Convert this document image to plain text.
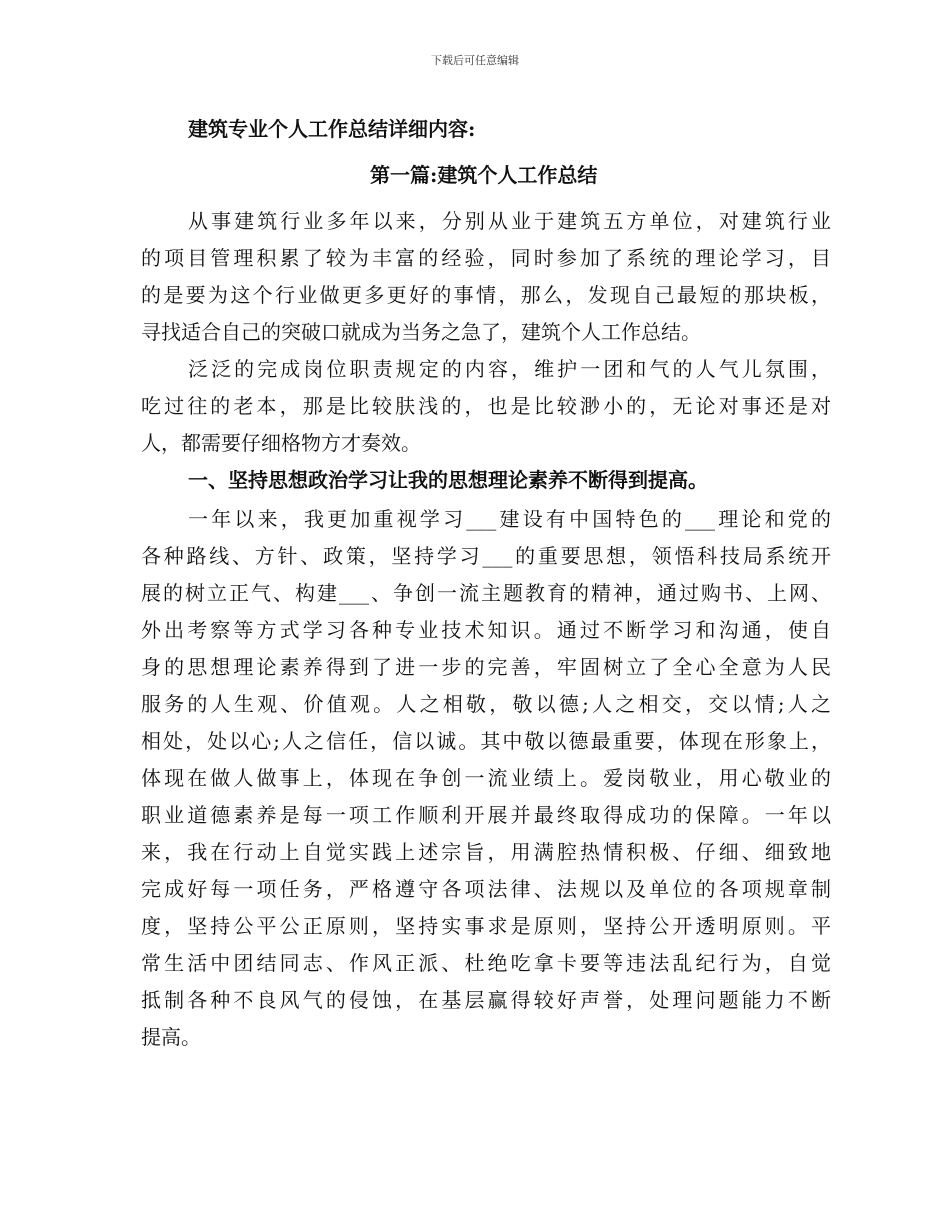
下载后可任意编辑
建筑专业个人工作总结详细内容:
第一篇:建筑个人工作总结
从事建筑行业多年以来，分别从业于建筑五方单位，对建筑行业
的项目管理积累了较为丰富的经验，同时参加了系统的理论学习，目
的是要为这个行业做更多更好的事情，那么，发现自己最短的那块板，
寻找适合自己的突破口就成为当务之急了，建筑个人工作总结。
泛泛的完成岗位职责规定的内容，维护一团和气的人气儿氛围，
吃过往的老本，那是比较肤浅的，也是比较渺小的，无论对事还是对
人，都需要仔细格物方才奏效。
一、坚持思想政治学习让我的思想理论素养不断得到提高。
一年以来，我更加重视学习___建设有中国特色的___理论和党的
各种路线、方针、政策，坚持学习___的重要思想，领悟科技局系统开
展的树立正气、构建___、争创一流主题教育的精神，通过购书、上网、
外出考察等方式学习各种专业技术知识。通过不断学习和沟通，使自
身的思想理论素养得到了进一步的完善，牢固树立了全心全意为人民
服务的人生观、价值观。人之相敬，敬以德;人之相交，交以情;人之
相处，处以心;人之信任，信以诚。其中敬以德最重要，体现在形象上，
体现在做人做事上，体现在争创一流业绩上。爱岗敬业，用心敬业的
职业道德素养是每一项工作顺利开展并最终取得成功的保障。一年以
来，我在行动上自觉实践上述宗旨，用满腔热情积极、仔细、细致地
完成好每一项任务，严格遵守各项法律、法规以及单位的各项规章制
度，坚持公平公正原则，坚持实事求是原则，坚持公开透明原则。平
常生活中团结同志、作风正派、杜绝吃拿卡要等违法乱纪行为，自觉
抵制各种不良风气的侵蚀，在基层赢得较好声誉，处理问题能力不断
提高。
